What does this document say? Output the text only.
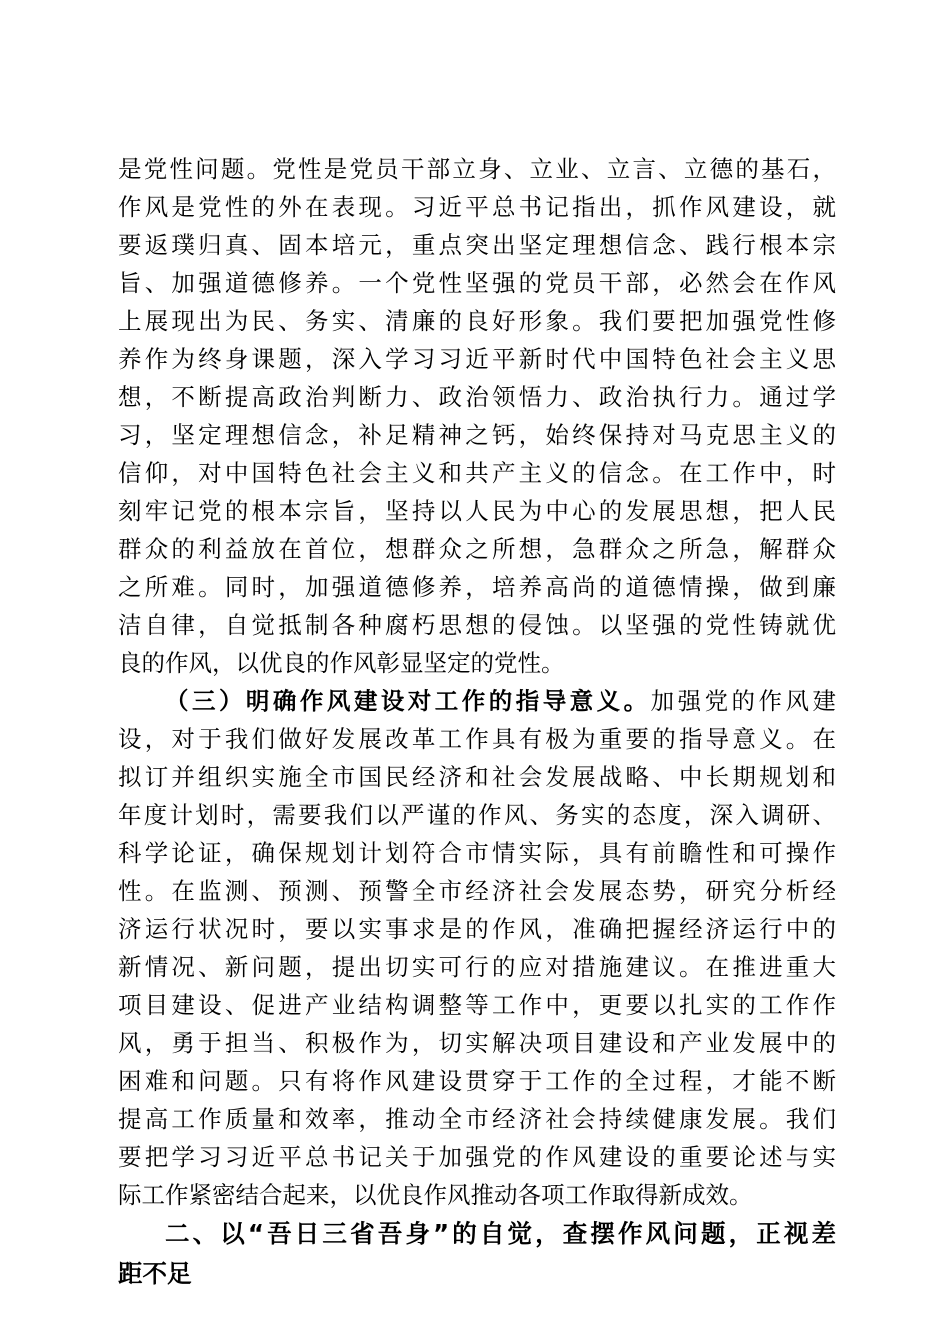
是党性问题。党性是党员干部立身、立业、立言、立德的基石，
作风是党性的外在表现。习近平总书记指出，抓作风建设，就
要返璞归真、固本培元，重点突出坚定理想信念、践行根本宗
旨、加强道德修养。一个党性坚强的党员干部，必然会在作风
上展现出为民、务实、清廉的良好形象。我们要把加强党性修
养作为终身课题，深入学习习近平新时代中国特色社会主义思
想，不断提高政治判断力、政治领悟力、政治执行力。通过学
习，坚定理想信念，补足精神之钙，始终保持对马克思主义的
信仰，对中国特色社会主义和共产主义的信念。在工作中，时
刻牢记党的根本宗旨，坚持以人民为中心的发展思想，把人民
群众的利益放在首位，想群众之所想，急群众之所急，解群众
之所难。同时，加强道德修养，培养高尚的道德情操，做到廉
洁自律，自觉抵制各种腐朽思想的侵蚀。以坚强的党性铸就优
良的作风，以优良的作风彰显坚定的党性。
（三）明确作风建设对工作的指导意义。加强党的作风建
设，对于我们做好发展改革工作具有极为重要的指导意义。在
拟订并组织实施全市国民经济和社会发展战略、中长期规划和
年度计划时，需要我们以严谨的作风、务实的态度，深入调研、
科学论证，确保规划计划符合市情实际，具有前瞻性和可操作
性。在监测、预测、预警全市经济社会发展态势，研究分析经
济运行状况时，要以实事求是的作风，准确把握经济运行中的
新情况、新问题，提出切实可行的应对措施建议。在推进重大
项目建设、促进产业结构调整等工作中，更要以扎实的工作作
风，勇于担当、积极作为，切实解决项目建设和产业发展中的
困难和问题。只有将作风建设贯穿于工作的全过程，才能不断
提高工作质量和效率，推动全市经济社会持续健康发展。我们
要把学习习近平总书记关于加强党的作风建设的重要论述与实
际工作紧密结合起来，以优良作风推动各项工作取得新成效。
二、以“吾日三省吾身”的自觉，查摆作风问题，正视差
距不足
